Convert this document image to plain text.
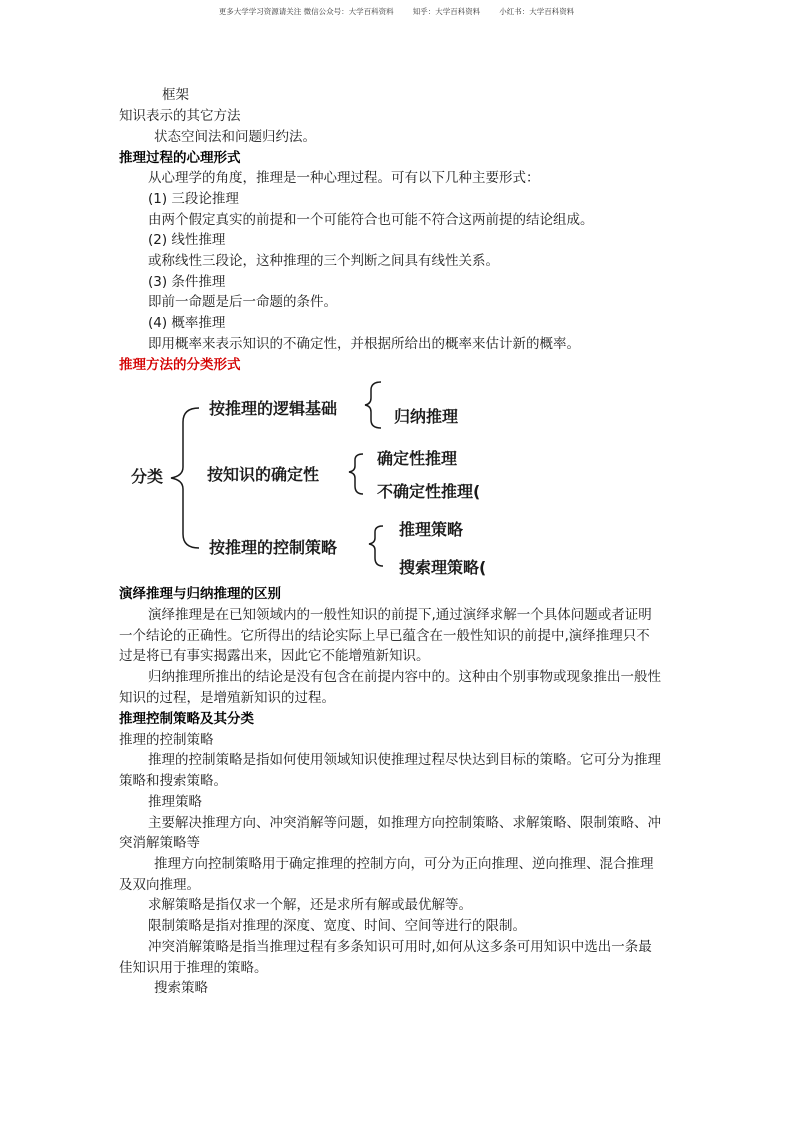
更多大学学习资源请关注 微信公众号：大学百科资料        知乎：大学百科资料        小红书：大学百科资料
框架
知识表示的其它方法
状态空间法和问题归约法。
推理过程的心理形式
从心理学的角度，推理是一种心理过程。可有以下几种主要形式：
(1) 三段论推理
由两个假定真实的前提和一个可能符合也可能不符合这两前提的结论组成。
(2) 线性推理
或称线性三段论，这种推理的三个判断之间具有线性关系。
(3) 条件推理
即前一命题是后一命题的条件。
(4) 概率推理
即用概率来表示知识的不确定性，并根据所给出的概率来估计新的概率。
推理方法的分类形式
分类
按推理的逻辑基础	归纳推理
按知识的确定性
确定性推理
不确定性推理(
按推理的控制策略
推理策略
搜索理策略(
演绎推理与归纳推理的区别
演绎推理是在已知领域内的一般性知识的前提下,通过演绎求解一个具体问题或者证明
一个结论的正确性。它所得出的结论实际上早已蕴含在一般性知识的前提中,演绎推理只不
过是将已有事实揭露出来，因此它不能增殖新知识。
归纳推理所推出的结论是没有包含在前提内容中的。这种由个别事物或现象推出一般性
知识的过程，是增殖新知识的过程。
推理控制策略及其分类
推理的控制策略
推理的控制策略是指如何使用领域知识使推理过程尽快达到目标的策略。它可分为推理
策略和搜索策略。
推理策略
主要解决推理方向、冲突消解等问题，如推理方向控制策略、求解策略、限制策略、冲
突消解策略等
推理方向控制策略用于确定推理的控制方向，可分为正向推理、逆向推理、混合推理
及双向推理。
求解策略是指仅求一个解，还是求所有解或最优解等。
限制策略是指对推理的深度、宽度、时间、空间等进行的限制。
冲突消解策略是指当推理过程有多条知识可用时,如何从这多条可用知识中选出一条最
佳知识用于推理的策略。
搜索策略
